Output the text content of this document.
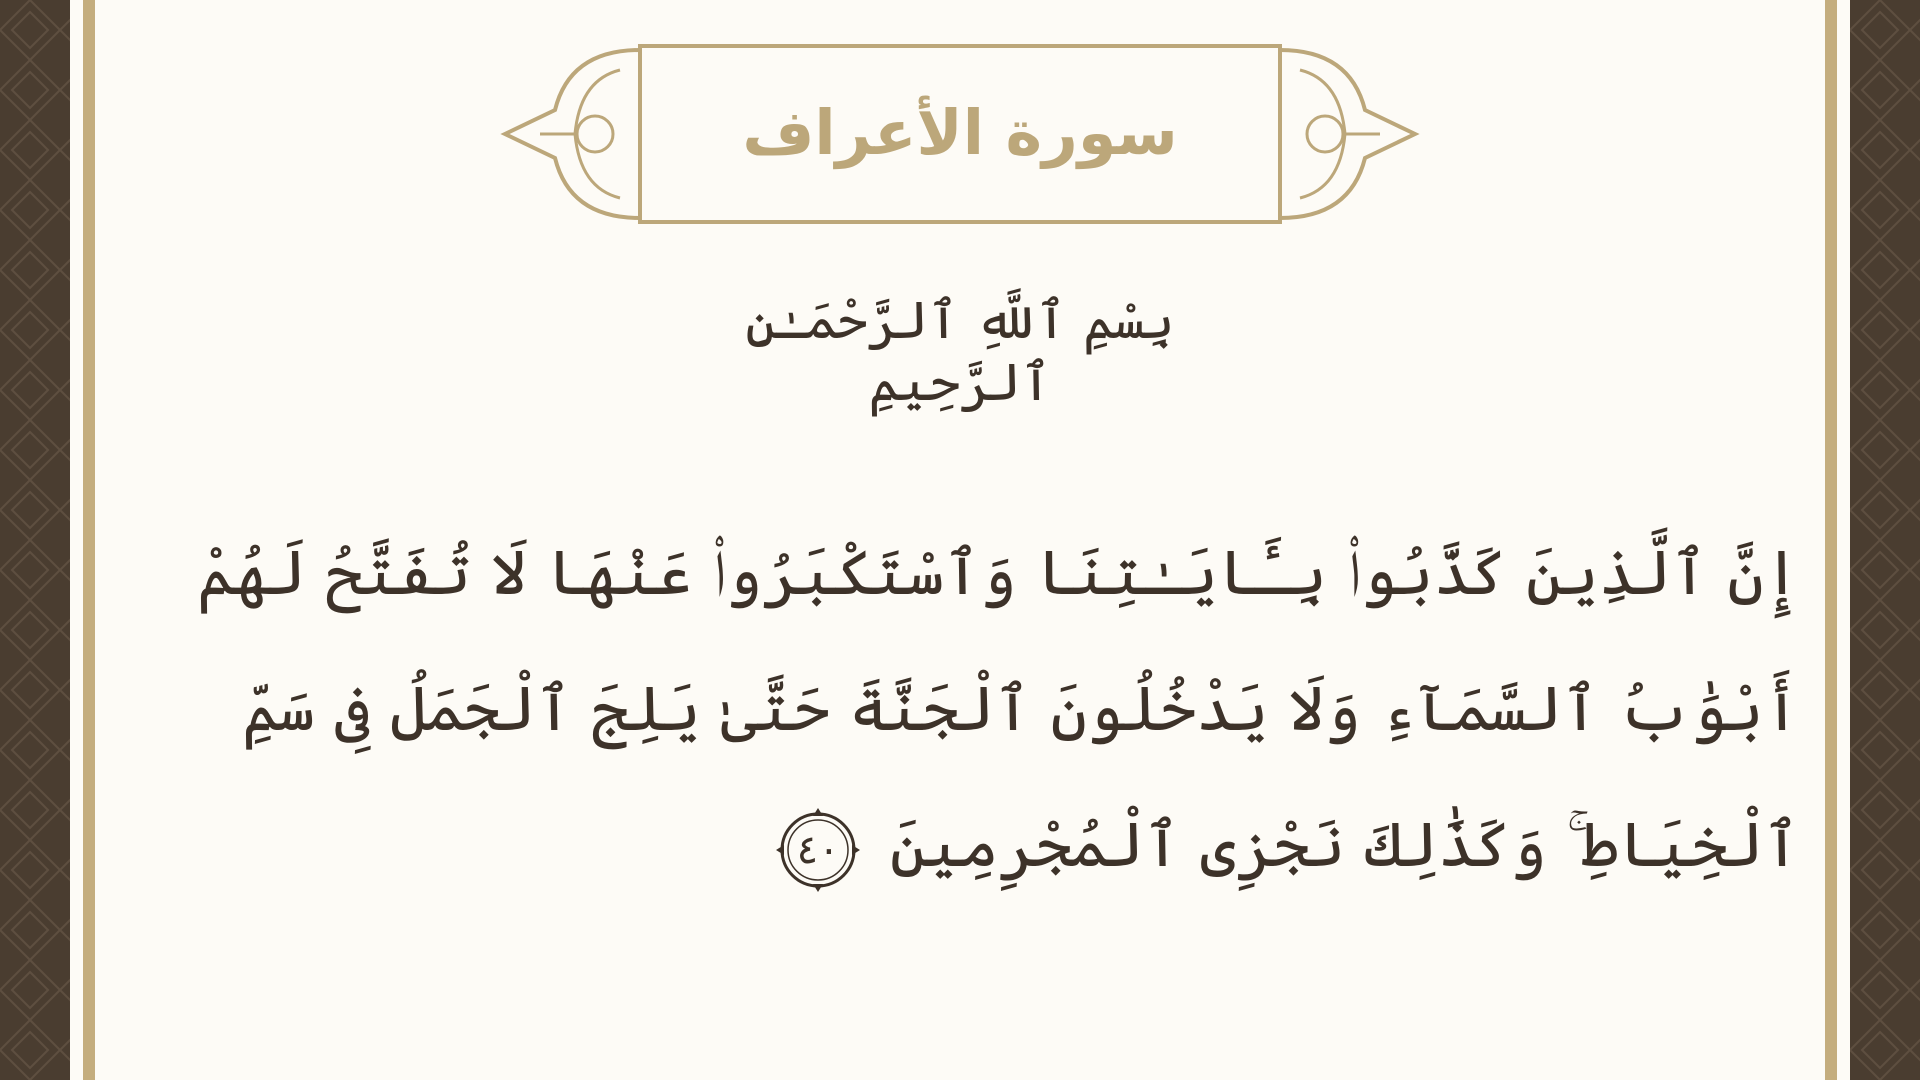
سورة الأعراف
بِسْمِ ٱللَّهِ ٱلرَّحْمَـٰنِ ٱلرَّحِيمِ
إِنَّ ٱلَّذِينَ كَذَّبُوا۟ بِـَٔايَـٰتِنَا وَٱسْتَكْبَرُوا۟ عَنْهَا لَا تُفَتَّحُ لَهُمْ أَبْوَٰبُ ٱلسَّمَآءِ وَلَا يَدْخُلُونَ ٱلْجَنَّةَ حَتَّىٰ يَلِجَ ٱلْجَمَلُ فِى سَمِّ ٱلْخِيَاطِ ۚ وَكَذَٰلِكَ نَجْزِى ٱلْمُجْرِمِينَ
٤٠
